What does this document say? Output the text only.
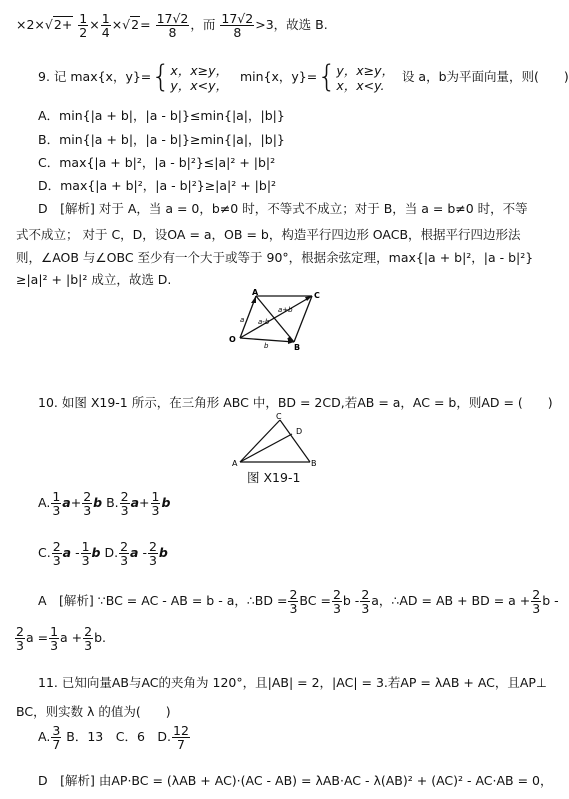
$\times 2\times√2+ \frac{1}{2} \times \frac{1}{4} \times√2= \frac{17√2}{8}$ ，而 $\frac{17√2}{8} >3$，故选 B.
9. 记 max{x，y}={ x，x≥y，
y，x<y，
min{x，y}={ y，x≥y，
x，x<y.
设 a，b为平面向量，则(　　)
A．min{|a + b|，|a - b|}≤min{|a|，|b|}
B．min{|a + b|，|a - b|}≥min{|a|，|b|}
C．max{|a + b|²，|a - b|²}≤|a|² + |b|²
D．max{|a + b|²，|a - b|²}≥|a|² + |b|²
D　[解析] 对于 A，当 a = 0，b≠0 时，不等式不成立；对于 B，当 a = b≠0 时，不等
式不成立； 对于 C，D，设OA = a，OB = b，构造平行四边形 OACB，根据平行四边形法
则，∠AOB 与∠OBC 至少有一个大于或等于 90°，根据余弦定理，max{|a + b|²，|a - b|²}
≥|a|² + |b|² 成立，故选 D.
A	C
O
B
a
b
a+b
a-b
10. 如图 X19-1 所示，在三角形 ABC 中，BD = 2CD,若AB = a，AC = b，则AD = (　　)
C
D
A	B
图 X19-1
A. $\frac{1}{3} a+ \frac{2}{3}$ b B. $\frac{2}{3} a+ \frac{1}{3}$ b
C. $\frac{2}{3}$ a - $\frac{1}{3}$ b D. $\frac{2}{3}$ a - $\frac{2}{3}$ b
A　[解析] ∵BC = AC - AB = b - a，∴BD = $\frac{2}{3}$ BC = $\frac{2}{3}$ b - $\frac{2}{3}$ a，∴AD = AB + BD = $a + \frac{2}{3}$ b -
$\frac{2}{3}$ $a = \frac{1}{3}$ $a + \frac{2}{3} b$.
11. 已知向量AB与AC的夹角为 120°，且|AB| = 2，|AC| = 3.若AP = λAB + AC，且AP⊥
BC，则实数 λ 的值为(　　)
A. $\frac{3}{7}$ B．13　C．6　D. $\frac{12}{7}$
D　[解析] 由AP·BC = (λAB + AC)·(AC - AB) = λAB·AC - λ(AB)² + (AC)² - AC·AB = 0，
